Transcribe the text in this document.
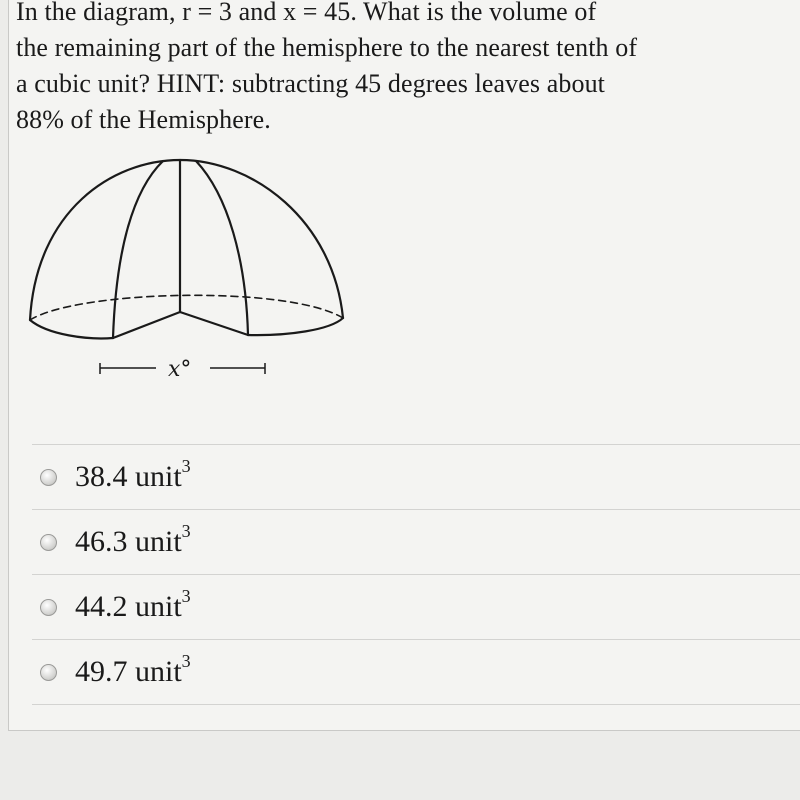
In the diagram, r = 3 and x = 45. What is the volume of
the remaining part of the hemisphere to the nearest tenth of
a cubic unit? HINT: subtracting 45 degrees leaves about
88% of the Hemisphere.

x°
38.4 unit$^3$
46.3 unit$^3$
44.2 unit$^3$
49.7 unit$^3$
